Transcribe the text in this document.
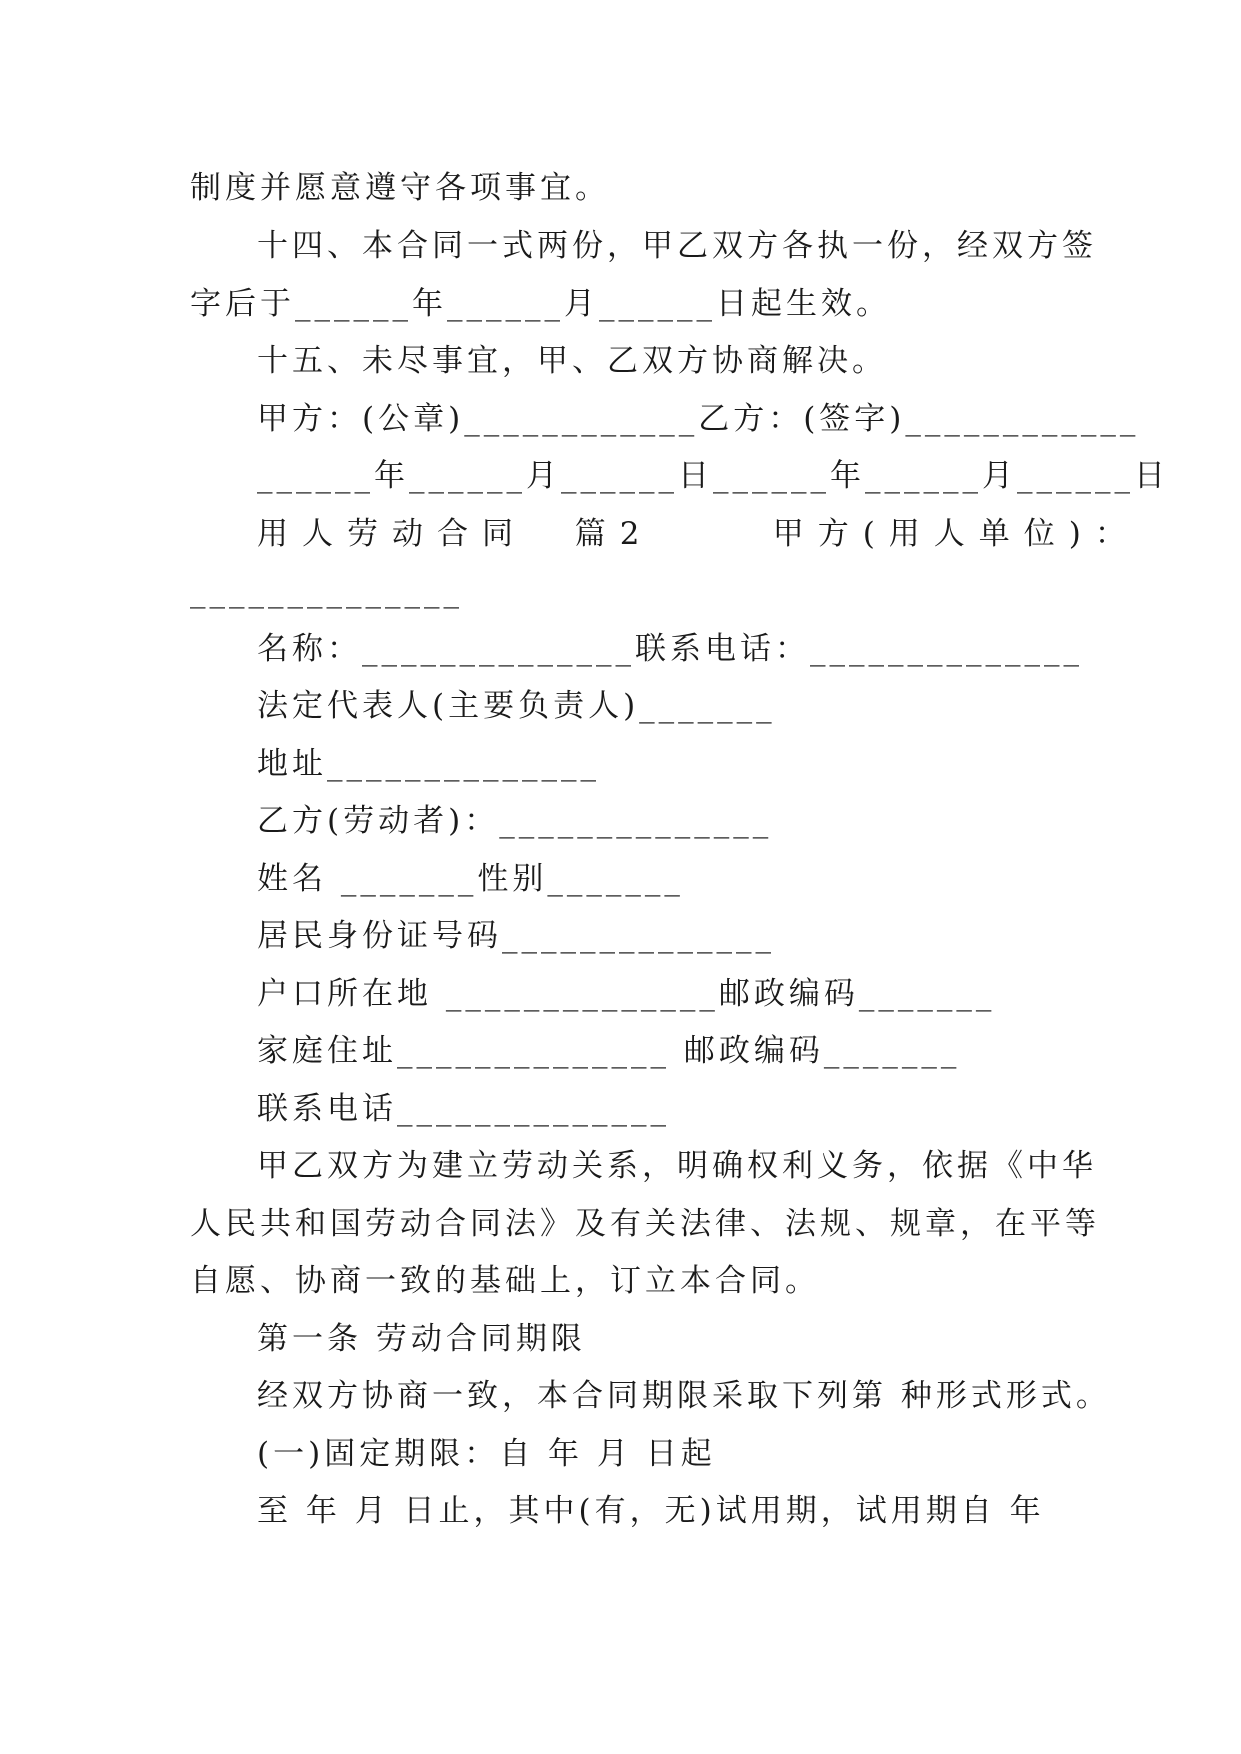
制度并愿意遵守各项事宜。
十四、本合同一式两份，甲乙双方各执一份，经双方签
字后于______年______月______日起生效。
十五、未尽事宜，甲、乙双方协商解决。
甲方：(公章)____________乙方：(签字)____________
______年______月______日______年______月______日
用人劳动合同  篇2     甲方(用人单位)：
______________
名称：______________联系电话：______________
法定代表人(主要负责人)_______
地址______________
乙方(劳动者)：______________
姓名 _______性别_______
居民身份证号码______________
户口所在地 ______________邮政编码_______
家庭住址______________ 邮政编码_______
联系电话______________
甲乙双方为建立劳动关系，明确权利义务，依据《中华
人民共和国劳动合同法》及有关法律、法规、规章，在平等
自愿、协商一致的基础上，订立本合同。
第一条 劳动合同期限
经双方协商一致，本合同期限采取下列第 种形式形式。
(一)固定期限：自 年 月 日起
至 年 月 日止，其中(有，无)试用期，试用期自 年
